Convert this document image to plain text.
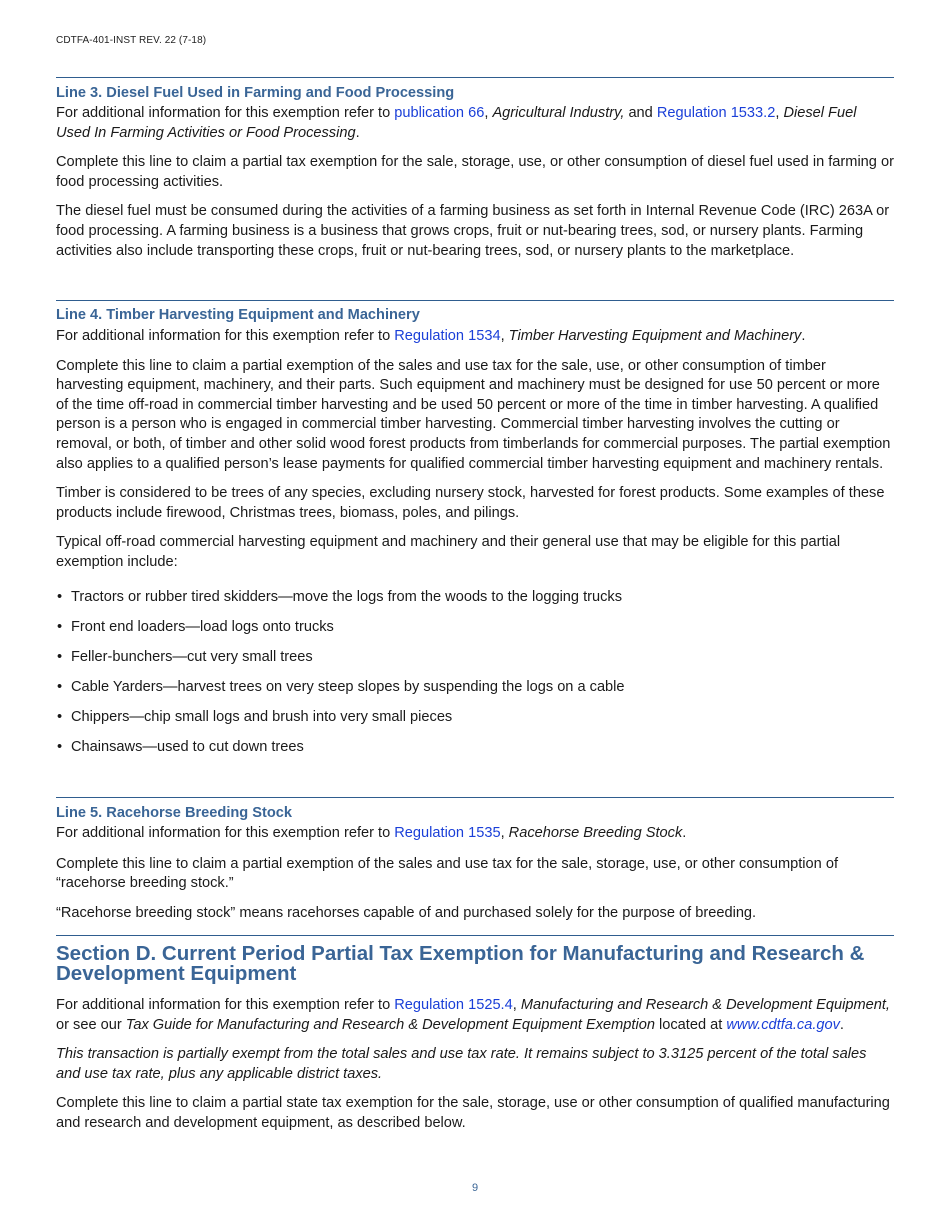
CDTFA-401-INST REV. 22 (7-18)
Line 3. Diesel Fuel Used in Farming and Food Processing

For additional information for this exemption refer to publication 66, Agricultural Industry, and Regulation 1533.2, Diesel Fuel Used In Farming Activities or Food Processing.

Complete this line to claim a partial tax exemption for the sale, storage, use, or other consumption of diesel fuel used in farming or food processing activities.

The diesel fuel must be consumed during the activities of a farming business as set forth in Internal Revenue Code (IRC) 263A or food processing. A farming business is a business that grows crops, fruit or nut-bearing trees, sod, or nursery plants. Farming activities also include transporting these crops, fruit or nut-bearing trees, sod, or nursery plants to the marketplace.

Line 4. Timber Harvesting Equipment and Machinery

For additional information for this exemption refer to Regulation 1534, Timber Harvesting Equipment and Machinery.

Complete this line to claim a partial exemption of the sales and use tax for the sale, use, or other consumption of timber harvesting equipment, machinery, and their parts. Such equipment and machinery must be designed for use 50 percent or more of the time off-road in commercial timber harvesting and be used 50 percent or more of the time in timber harvesting. A qualified person is a person who is engaged in commercial timber harvesting. Commercial timber harvesting involves the cutting or removal, or both, of timber and other solid wood forest products from timberlands for commercial purposes. The partial exemption also applies to a qualified person’s lease payments for qualified commercial timber harvesting equipment and machinery rentals.

Timber is considered to be trees of any species, excluding nursery stock, harvested for forest products. Some examples of these products include firewood, Christmas trees, biomass, poles, and pilings.

Typical off-road commercial harvesting equipment and machinery and their general use that may be eligible for this partial exemption include:

• Tractors or rubber tired skidders—move the logs from the woods to the logging trucks
• Front end loaders—load logs onto trucks
• Feller-bunchers—cut very small trees
• Cable Yarders—harvest trees on very steep slopes by suspending the logs on a cable
• Chippers—chip small logs and brush into very small pieces
• Chainsaws—used to cut down trees
Line 5. Racehorse Breeding Stock

For additional information for this exemption refer to Regulation 1535, Racehorse Breeding Stock.

Complete this line to claim a partial exemption of the sales and use tax for the sale, storage, use, or other consumption of “racehorse breeding stock.”

“Racehorse breeding stock” means racehorses capable of and purchased solely for the purpose of breeding.

Section D. Current Period Partial Tax Exemption for Manufacturing and Research & Development Equipment

For additional information for this exemption refer to Regulation 1525.4, Manufacturing and Research & Development Equipment, or see our Tax Guide for Manufacturing and Research & Development Equipment Exemption located at www.cdtfa.ca.gov.

This transaction is partially exempt from the total sales and use tax rate. It remains subject to 3.3125 percent of the total sales and use tax rate, plus any applicable district taxes.

Complete this line to claim a partial state tax exemption for the sale, storage, use or other consumption of qualified manufacturing and research and development equipment, as described below.

9
